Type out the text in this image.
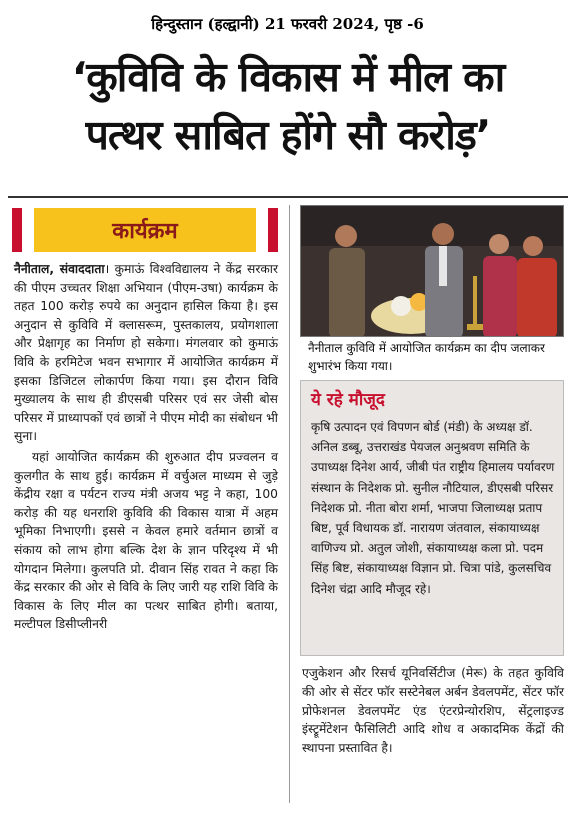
हिन्दुस्तान (हल्द्वानी) 21 फरवरी 2024, पृष्ठ -6
‘कुविवि के विकास में मील का
पत्थर साबित होंगे सौ करोड़’
कार्यक्रम

नैनीताल, संवाददाता। कुमाऊं विश्वविद्यालय ने केंद्र सरकार की पीएम उच्चतर शिक्षा अभियान (पीएम-उषा) कार्यक्रम के तहत 100 करोड़ रुपये का अनुदान हासिल किया है। इस अनुदान से कुविवि में क्लासरूम, पुस्तकालय, प्रयोगशाला और प्रेक्षागृह का निर्माण हो सकेगा। मंगलवार को कुमाऊं विवि के हरमिटेज भवन सभागार में आयोजित कार्यक्रम में इसका डिजिटल लोकार्पण किया गया। इस दौरान विवि मुख्यालय के साथ ही डीएसबी परिसर एवं सर जेसी बोस परिसर में प्राध्यापकों एवं छात्रों ने पीएम मोदी का संबोधन भी सुना।

यहां आयोजित कार्यक्रम की शुरुआत दीप प्रज्वलन व कुलगीत के साथ हुई। कार्यक्रम में वर्चुअल माध्यम से जुड़े केंद्रीय रक्षा व पर्यटन राज्य मंत्री अजय भट्ट ने कहा, 100 करोड़ की यह धनराशि कुविवि की विकास यात्रा में अहम भूमिका निभाएगी। इससे न केवल हमारे वर्तमान छात्रों व संकाय को लाभ होगा बल्कि देश के ज्ञान परिदृश्य में भी योगदान मिलेगा। कुलपति प्रो. दीवान सिंह रावत ने कहा कि केंद्र सरकार की ओर से विवि के लिए जारी यह राशि विवि के विकास के लिए मील का पत्थर साबित होगी। बताया, मल्टीपल डिसीप्लीनरी

नैनीताल कुविवि में आयोजित कार्यक्रम का दीप जलाकर शुभारंभ किया गया।
ये रहे मौजूद
कृषि उत्पादन एवं विपणन बोर्ड (मंडी) के अध्यक्ष डॉ. अनिल डब्बू, उत्तराखंड पेयजल अनुश्रवण समिति के उपाध्यक्ष दिनेश आर्य, जीबी पंत राष्ट्रीय हिमालय पर्यावरण संस्थान के निदेशक प्रो. सुनील नौटियाल, डीएसबी परिसर निदेशक प्रो. नीता बोरा शर्मा, भाजपा जिलाध्यक्ष प्रताप बिष्ट, पूर्व विधायक डॉ. नारायण जंतवाल, संकायाध्यक्ष वाणिज्य प्रो. अतुल जोशी, संकायाध्यक्ष कला प्रो. पदम सिंह बिष्ट, संकायाध्यक्ष विज्ञान प्रो. चित्रा पांडे, कुलसचिव दिनेश चंद्रा आदि मौजूद रहे।
एजुकेशन और रिसर्च यूनिवर्सिटीज (मेरू) के तहत कुविवि की ओर से सेंटर फॉर सस्टेनेबल अर्बन डेवलपमेंट, सेंटर फॉर प्रोफेशनल डेवलपमेंट एंड एंटरप्रेन्योरशिप, सेंट्रलाइज्ड इंस्ट्रूमेंटेशन फैसिलिटी आदि शोध व अकादमिक केंद्रों की स्थापना प्रस्तावित है।
